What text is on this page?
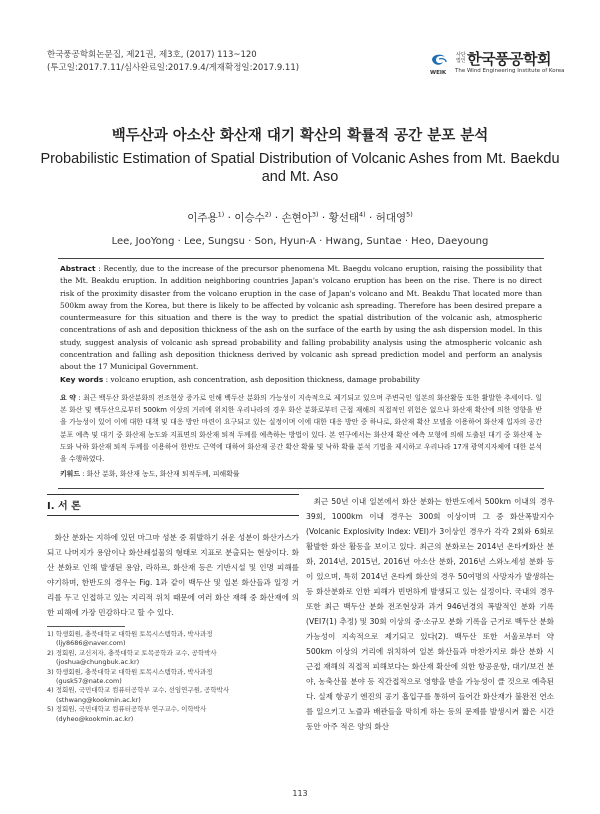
한국풍공학회논문집, 제21권, 제3호, (2017) 113~120
(투고일:2017.7.11/심사완료일:2017.9.4/게재확정일:2017.9.11)	WEIK
사단 법인 한국풍공학회
The Wind Engineering Institute of Korea
백두산과 아소산 화산재 대기 확산의 확률적 공간 분포 분석
Probabilistic Estimation of Spatial Distribution of Volcanic Ashes from Mt. Baekdu and Mt. Aso
이주용$^{1)}$ · 이승수$^{2)}$ · 손현아$^{3)}$ · 황선태$^{4)}$ · 허대영$^{5)}$
Lee, JooYong · Lee, Sungsu · Son, Hyun-A · Hwang, Suntae · Heo, Daeyoung
Abstract : Recently, due to the increase of the precursor phenomena Mt. Baegdu volcano eruption, raising the possibility that the Mt. Beakdu eruption. In addition neighboring countries Japan's volcano eruption has been on the rise. There is no direct risk of the proximity disaster from the volcano eruption in the case of Japan's volcano and Mt. Beakdu That located more than 500km away from the Korea, but there is likely to be affected by volcanic ash spreading. Therefore has been desired prepare a countermeasure for this situation and there is the way to predict the spatial distribution of the volcanic ash, atmospheric concentrations of ash and deposition thickness of the ash on the surface of the earth by using the ash dispersion model. In this study, suggest analysis of volcanic ash spread probability and falling probability analysis using the atmospheric volcanic ash concentration and falling ash deposition thickness derived by volcanic ash spread prediction model and perform an analysis about the 17 Municipal Government.
Key words : volcano eruption, ash concentration, ash deposition thickness, damage probability
요 약 : 최근 백두산 화산분화의 전조현상 증가로 인해 백두산 분화의 가능성이 지속적으로 제기되고 있으며 주변국인 일본의 화산활동 또한 활발한 추세이다. 일본 화산 및 백두산으로부터 500km 이상의 거리에 위치한 우리나라의 경우 화산 분화로부터 근접 재해의 직접적인 위험은 없으나 화산재 확산에 의한 영향을 받을 가능성이 있어 이에 대한 대책 및 대응 방안 마련이 요구되고 있는 실정이며 이에 대한 대응 방안 중 하나로, 화산재 확산 모델을 이용하여 화산재 입자의 공간분포 예측 및 대기 중 화산재 농도와 지표면의 화산재 퇴적 두께를 예측하는 방법이 있다. 본 연구에서는 화산재 확산 예측 모형에 의해 도출된 대기 중 화산재 농도와 낙하 화산재 퇴적 두께를 이용하여 한반도 근역에 대하여 화산재 공간 확산 확률 및 낙하 확률 분석 기법을 제시하고 우리나라 17개 광역지자체에 대한 분석을 수행하였다.
키워드 : 화산 분화, 화산재 농도, 화산재 퇴적두께, 피해확률
I. 서 론
화산 분화는 지하에 있던 마그마 성분 중 휘발하기 쉬운 성분이 화산가스가 되고 나머지가 용암이나 화산쇄설물의 형태로 지표로 분출되는 현상이다. 화산 분화로 인해 발생된 용암, 라하르, 화산재 등은 기반시설 및 인명 피해를 야기하며, 한반도의 경우는 Fig. 1과 같이 백두산 및 일본 화산들과 일정 거리를 두고 인접하고 있는 지리적 위치 때문에 여러 화산 재해 중 화산재에 의한 피해에 가장 민감하다고 할 수 있다.
1) 학생회원, 충북대학교 대학원 토목시스템학과, 박사과정
(ljy8686@naver.com)
2) 정회원, 교신저자, 충북대학교 토목공학과 교수, 공학박사
(joshua@chungbuk.ac.kr)
3) 학생회원, 충북대학교 대학원 토목시스템학과, 박사과정
(gusk57@nate.com)
4) 정회원, 국민대학교 컴퓨터공학부 교수, 선임연구원, 공학박사
(sthwang@kookmin.ac.kr)
5) 정회원, 국민대학교 컴퓨터공학부 연구교수, 이학박사
(dyheo@kookmin.ac.kr)
최근 50년 이내 일본에서 화산 분화는 한반도에서 500km 이내의 경우 39회, 1000km 이내 경우는 300회 이상이며 그 중 화산폭발지수(Volcanic Explosivity Index: VEI)가 3이상인 경우가 각각 2회와 6회로 활발한 화산 활동을 보이고 있다. 최근의 분화로는 2014년 온타케화산 분화, 2014년, 2015년, 2016년 아소산 분화, 2016년 스와노세섬 분화 등이 있으며, 특히 2014년 온타케 화산의 경우 50여명의 사망자가 발생하는 등 화산분화로 인한 피해가 빈번하게 발생되고 있는 실정이다. 국내의 경우 또한 최근 백두산 분화 전조현상과 과거 946년경의 폭발적인 분화 기록(VEI7(1) 추정) 및 30회 이상의 중·소규모 분화 기록을 근거로 백두산 분화 가능성이 지속적으로 제기되고 있다(2). 백두산 또한 서울로부터 약 500km 이상의 거리에 위치하여 일본 화산들과 마찬가지로 화산 분화 시 근접 재해의 직접적 피해보다는 화산재 확산에 의한 항공운항, 대기/보건 분야, 농축산물 분야 등 직간접적으로 영향을 받을 가능성이 클 것으로 예측된다. 실제 항공기 엔진의 공기 흡입구를 통하여 들어간 화산재가 불완전 연소를 일으키고 노즐과 배관들을 막히게 하는 등의 문제를 발생시켜 짧은 시간 동안 아주 적은 양의 화산
113
